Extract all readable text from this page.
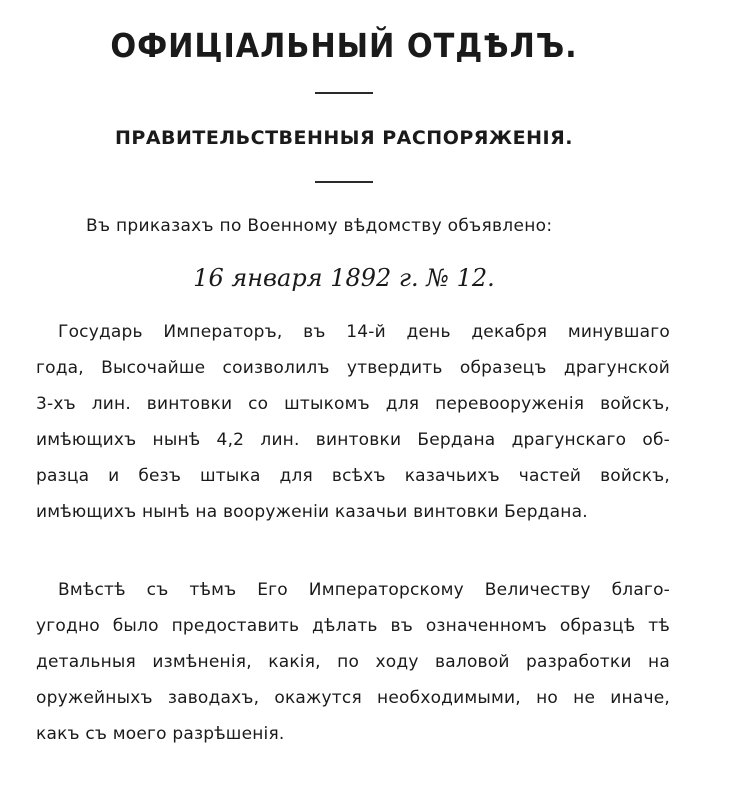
ОФИЦІАЛЬНЫЙ ОТДѢЛЪ.
ПРАВИТЕЛЬСТВЕННЫЯ РАСПОРЯЖЕНІЯ.
Въ приказахъ по Военному вѣдомству объявлено:
16 января 1892 г. № 12.
Государь Императоръ, въ 14-й день декабря минувшаго
года, Высочайше соизволилъ утвердить образецъ драгунской
3-хъ лин. винтовки со штыкомъ для перевооруженія войскъ,
имѣющихъ нынѣ 4,2 лин. винтовки Бердана драгунскаго об-
разца и безъ штыка для всѣхъ казачьихъ частей войскъ,
имѣющихъ нынѣ на вооруженіи казачьи винтовки Бердана.
Вмѣстѣ съ тѣмъ Его Императорскому Величеству благо-
угодно было предоставить дѣлать въ означенномъ образцѣ тѣ
детальныя измѣненія, какія, по ходу валовой разработки на
оружейныхъ заводахъ, окажутся необходимыми, но не иначе,
какъ съ моего разрѣшенія.
